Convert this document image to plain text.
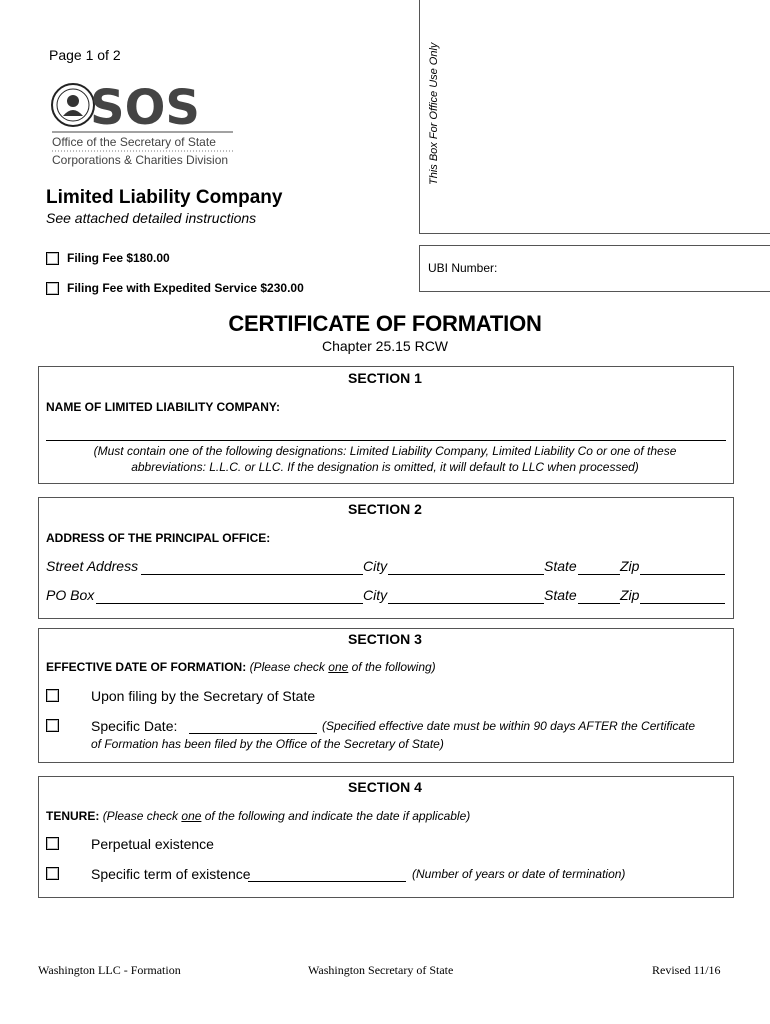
Page 1 of 2	This Box For Office Use Only
UBI Number:
SOS
Office of the Secretary of State
Corporations & Charities Division
Limited Liability Company
See attached detailed instructions
Filing Fee $180.00
Filing Fee with Expedited Service $230.00
CERTIFICATE OF FORMATION
Chapter 25.15 RCW
SECTION 1
NAME OF LIMITED LIABILITY COMPANY:
(Must contain one of the following designations: Limited Liability Company, Limited Liability Co or one of these
abbreviations: L.L.C. or LLC. If the designation is omitted, it will default to LLC when processed)
SECTION 2
ADDRESS OF THE PRINCIPAL OFFICE:
Street Address	City	State	Zip
PO Box	City	State	Zip
SECTION 3
EFFECTIVE DATE OF FORMATION: (Please check one of the following)
Upon filing by the Secretary of State
Specific Date:	(Specified effective date must be within 90 days AFTER the Certificate
of Formation has been filed by the Office of the Secretary of State)
SECTION 4
TENURE: (Please check one of the following and indicate the date if applicable)
Perpetual existence
Specific term of existence	(Number of years or date of termination)
Washington LLC - Formation	Washington Secretary of State	Revised 11/16
